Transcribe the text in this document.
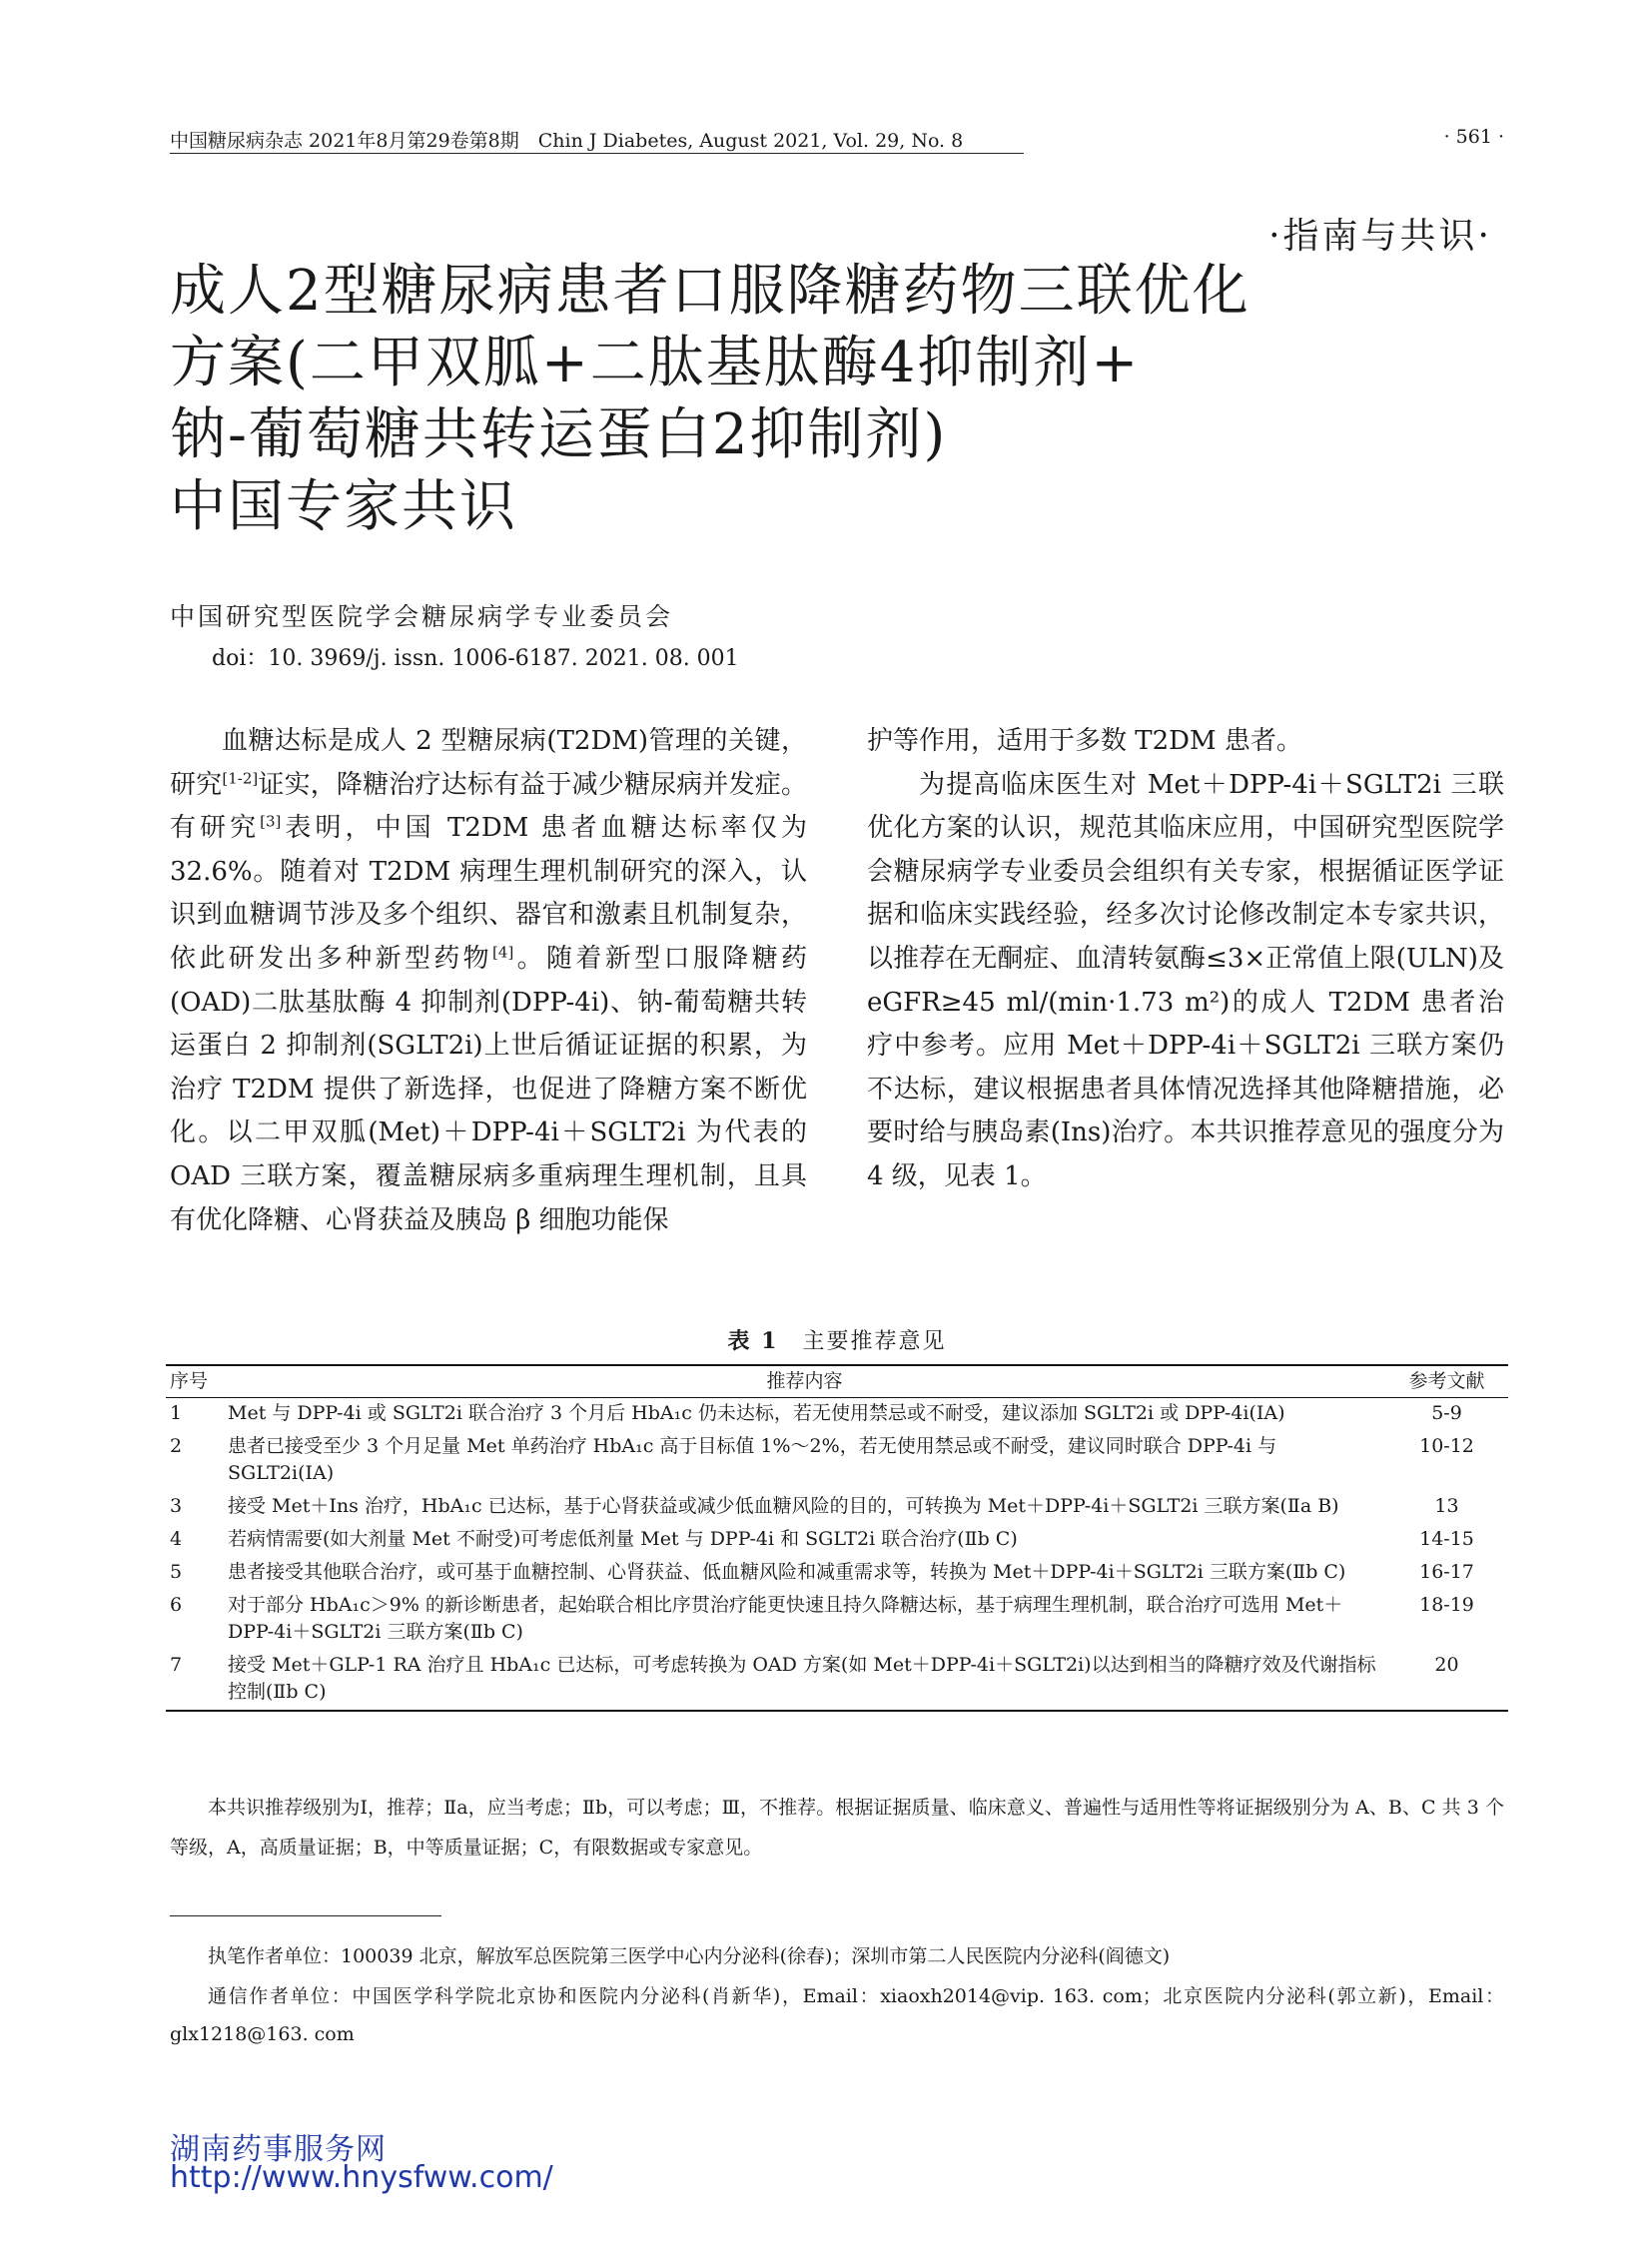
中国糖尿病杂志 2021年8月第29卷第8期　Chin J Diabetes, August 2021, Vol. 29, No. 8	· 561 ·
·指南与共识·
成人2型糖尿病患者口服降糖药物三联优化
方案(二甲双胍+二肽基肽酶4抑制剂+
钠-葡萄糖共转运蛋白2抑制剂)
中国专家共识
中国研究型医院学会糖尿病学专业委员会
doi：10. 3969/j. issn. 1006-6187. 2021. 08. 001

血糖达标是成人 2 型糖尿病(T2DM)管理的关键，研究[1-2]证实，降糖治疗达标有益于减少糖尿病并发症。有研究[3]表明，中国 T2DM 患者血糖达标率仅为 32.6%。随着对 T2DM 病理生理机制研究的深入，认识到血糖调节涉及多个组织、器官和激素且机制复杂，依此研发出多种新型药物[4]。随着新型口服降糖药(OAD)二肽基肽酶 4 抑制剂(DPP-4i)、钠-葡萄糖共转运蛋白 2 抑制剂(SGLT2i)上世后循证证据的积累，为治疗 T2DM 提供了新选择，也促进了降糖方案不断优化。以二甲双胍(Met)＋DPP-4i＋SGLT2i 为代表的 OAD 三联方案，覆盖糖尿病多重病理生理机制，且具有优化降糖、心肾获益及胰岛 β 细胞功能保

护等作用，适用于多数 T2DM 患者。

为提高临床医生对 Met＋DPP-4i＋SGLT2i 三联优化方案的认识，规范其临床应用，中国研究型医院学会糖尿病学专业委员会组织有关专家，根据循证医学证据和临床实践经验，经多次讨论修改制定本专家共识，以推荐在无酮症、血清转氨酶≤3×正常值上限(ULN)及 eGFR≥45 ml/(min·1.73 m²)的成人 T2DM 患者治疗中参考。应用 Met＋DPP-4i＋SGLT2i 三联方案仍不达标，建议根据患者具体情况选择其他降糖措施，必要时给与胰岛素(Ins)治疗。本共识推荐意见的强度分为 4 级，见表 1。

表 1　 主要推荐意见
序号	推荐内容	参考文献
1	Met 与 DPP-4i 或 SGLT2i 联合治疗 3 个月后 HbA₁c 仍未达标，若无使用禁忌或不耐受，建议添加 SGLT2i 或 DPP-4i(ⅠA)	5-9
2	患者已接受至少 3 个月足量 Met 单药治疗 HbA₁c 高于目标值 1%～2%，若无使用禁忌或不耐受，建议同时联合 DPP-4i 与 SGLT2i(ⅠA)	10-12
3	接受 Met＋Ins 治疗，HbA₁c 已达标，基于心肾获益或减少低血糖风险的目的，可转换为 Met＋DPP-4i＋SGLT2i 三联方案(Ⅱa B)	13
4	若病情需要(如大剂量 Met 不耐受)可考虑低剂量 Met 与 DPP-4i 和 SGLT2i 联合治疗(Ⅱb C)	14-15
5	患者接受其他联合治疗，或可基于血糖控制、心肾获益、低血糖风险和减重需求等，转换为 Met＋DPP-4i＋SGLT2i 三联方案(Ⅱb C)	16-17
6	对于部分 HbA₁c＞9% 的新诊断患者，起始联合相比序贯治疗能更快速且持久降糖达标，基于病理生理机制，联合治疗可选用 Met＋DPP-4i＋SGLT2i 三联方案(Ⅱb C)	18-19
7	接受 Met＋GLP-1 RA 治疗且 HbA₁c 已达标，可考虑转换为 OAD 方案(如 Met＋DPP-4i＋SGLT2i)以达到相当的降糖疗效及代谢指标控制(Ⅱb C)	20
本共识推荐级别为Ⅰ，推荐；Ⅱa，应当考虑；Ⅱb，可以考虑；Ⅲ，不推荐。根据证据质量、临床意义、普遍性与适用性等将证据级别分为 A、B、C 共 3 个等级，A，高质量证据；B，中等质量证据；C，有限数据或专家意见。
执笔作者单位：100039 北京，解放军总医院第三医学中心内分泌科(徐春)；深圳市第二人民医院内分泌科(阎德文)
通信作者单位：中国医学科学院北京协和医院内分泌科(肖新华)，Email：xiaoxh2014@vip. 163. com；北京医院内分泌科(郭立新)，Email：glx1218@163. com
湖南药事服务网
http://www.hnysfww.com/
